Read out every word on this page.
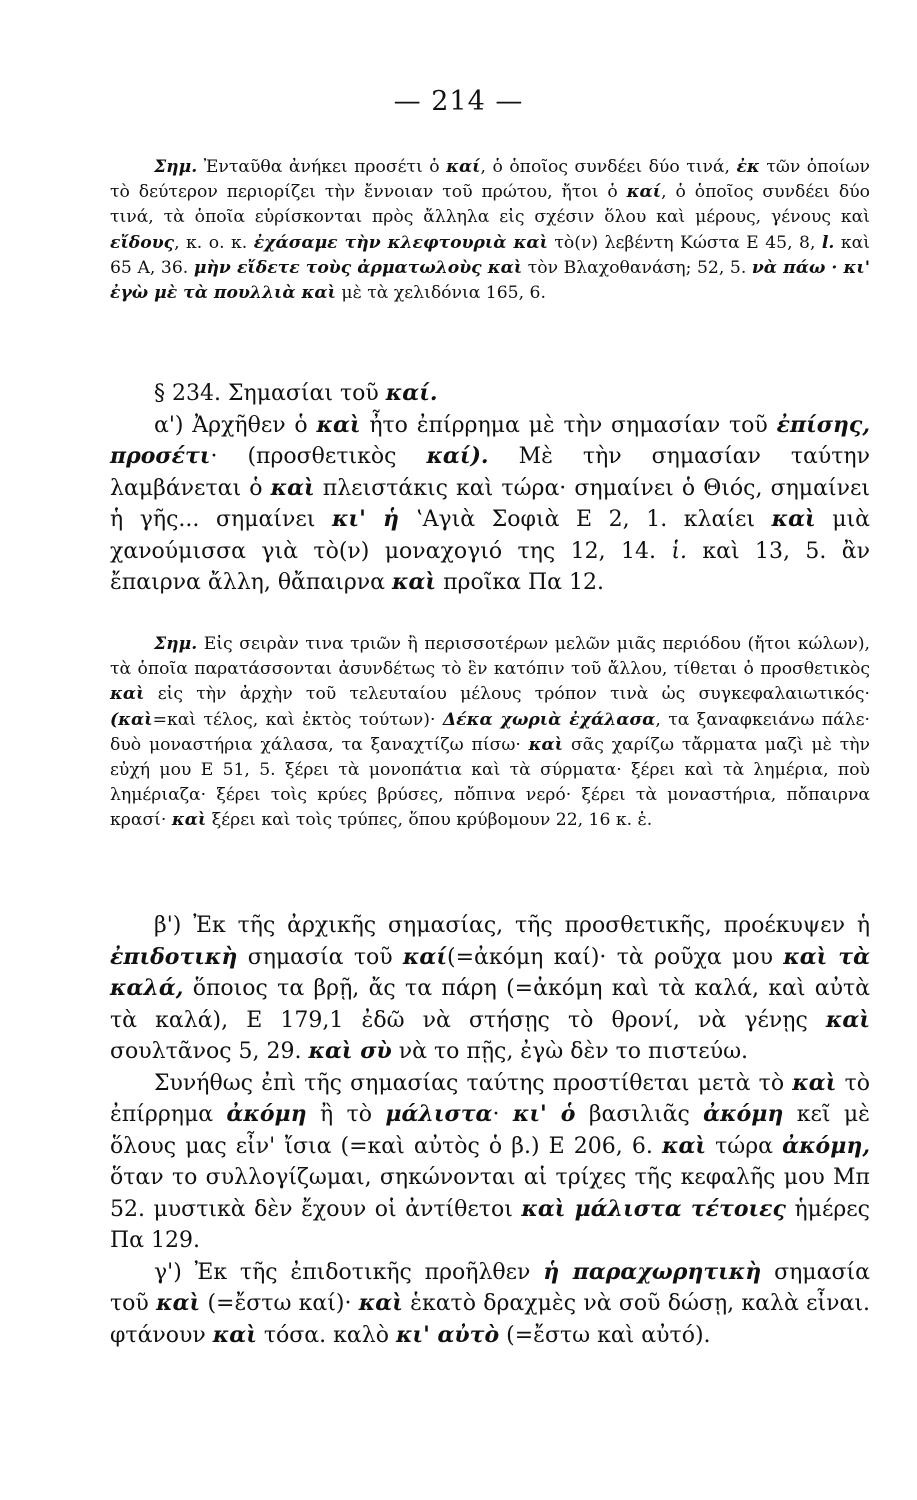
— 214 —

Σημ. Ἐνταῦθα ἀνήκει προσέτι ὁ καί, ὁ ὁποῖος συνδέει δύο τινά, ἐκ τῶν ὁποίων τὸ δεύτερον περιορίζει τὴν ἔννοιαν τοῦ πρώτου, ἤτοι ὁ καί, ὁ ὁποῖος συνδέει δύο τινά, τὰ ὁποῖα εὑρίσκονται πρὸς ἄλληλα εἰς σχέσιν ὅλου καὶ μέρους, γένους καὶ εἴδους, κ. ο. κ. ἐχάσαμε τὴν κλεφτουριὰ καὶ τὸ(ν) λεβέντη Κώστα Ε 45, 8, l. καὶ 65 Α, 36. μὴν εἴδετε τοὺς ἀρματωλοὺς καὶ τὸν Βλαχοθανάση; 52, 5. νὰ πάω · κι' ἐγὼ μὲ τὰ πουλλιὰ καὶ μὲ τὰ χελιδόνια 165, 6.

§ 234. Σημασίαι τοῦ καί.

α') Ἀρχῆθεν ὁ καὶ ἦτο ἐπίρρημα μὲ τὴν σημασίαν τοῦ ἐπίσης, προσέτι· (προσθετικὸς καί). Μὲ τὴν σημασίαν ταύτην λαμβάνεται ὁ καὶ πλειστάκις καὶ τώρα· σημαίνει ὁ Θιός, σημαίνει ἡ γῆς... σημαίνει κι' ἡ ʽΑγιὰ Σοφιὰ Ε 2, 1. κλαίει καὶ μιὰ χανούμισσα γιὰ τὸ(ν) μοναχογιό της 12, 14. ἱ. καὶ 13, 5. ἂν ἔπαιρνα ἄλλη, θἄπαιρνα καὶ προῖκα Πα 12.

Σημ. Εἰς σειρὰν τινα τριῶν ἢ περισσοτέρων μελῶν μιᾶς περιόδου (ἤτοι κώλων), τὰ ὁποῖα παρατάσσονται ἀσυνδέτως τὸ ἓν κατόπιν τοῦ ἄλλου, τίθεται ὁ προσθετικὸς καὶ εἰς τὴν ἀρχὴν τοῦ τελευταίου μέλους τρόπον τινὰ ὡς συγκεφαλαιωτικός· (καὶ=καὶ τέλος, καὶ ἐκτὸς τούτων)· Δέκα χωριὰ ἐχάλασα, τα ξαναφκειάνω πάλε· δυὸ μοναστήρια χάλασα, τα ξαναχτίζω πίσω· καὶ σᾶς χαρίζω τἄρματα μαζὶ μὲ τὴν εὐχή μου Ε 51, 5. ξέρει τὰ μονοπάτια καὶ τὰ σύρματα· ξέρει καὶ τὰ λημέρια, ποὺ λημέριαζα· ξέρει τοὶς κρύες βρύσες, πὄπινα νερό· ξέρει τὰ μοναστήρια, πὄπαιρνα κρασί· καὶ ξέρει καὶ τοὶς τρύπες, ὅπου κρύβομουν 22, 16 κ. ἑ.

β') Ἐκ τῆς ἀρχικῆς σημασίας, τῆς προσθετικῆς, προέκυψεν ἡ ἐπιδοτικὴ σημασία τοῦ καί(=ἀκόμη καί)· τὰ ροῦχα μου καὶ τὰ καλά, ὅποιος τα βρῇ, ἄς τα πάρη (=ἀκόμη καὶ τὰ καλά, καὶ αὐτὰ τὰ καλά), Ε 179,1 ἐδῶ νὰ στήσῃς τὸ θρονί, νὰ γένῃς καὶ σουλτᾶνος 5, 29. καὶ σὺ νὰ το πῇς, ἐγὼ δὲν το πιστεύω.

Συνήθως ἐπὶ τῆς σημασίας ταύτης προστίθεται μετὰ τὸ καὶ τὸ ἐπίρρημα ἀκόμη ἢ τὸ μάλιστα· κι' ὁ βασιλιᾶς ἀκόμη κεῖ μὲ ὅλους μας εἶν' ἴσια (=καὶ αὐτὸς ὁ β.) Ε 206, 6. καὶ τώρα ἀκόμη, ὅταν το συλλογίζωμαι, σηκώνονται αἱ τρίχες τῆς κεφαλῆς μου Μπ 52. μυστικὰ δὲν ἔχουν οἱ ἀντίθετοι καὶ μάλιστα τέτοιες ἡμέρες Πα 129.

γ') Ἐκ τῆς ἐπιδοτικῆς προῆλθεν ἡ παραχωρητικὴ σημασία τοῦ καὶ (=ἔστω καί)· καὶ ἑκατὸ δραχμὲς νὰ σοῦ δώσῃ, καλὰ εἶναι. φτάνουν καὶ τόσα. καλὸ κι' αὐτὸ (=ἔστω καὶ αὐτό).
